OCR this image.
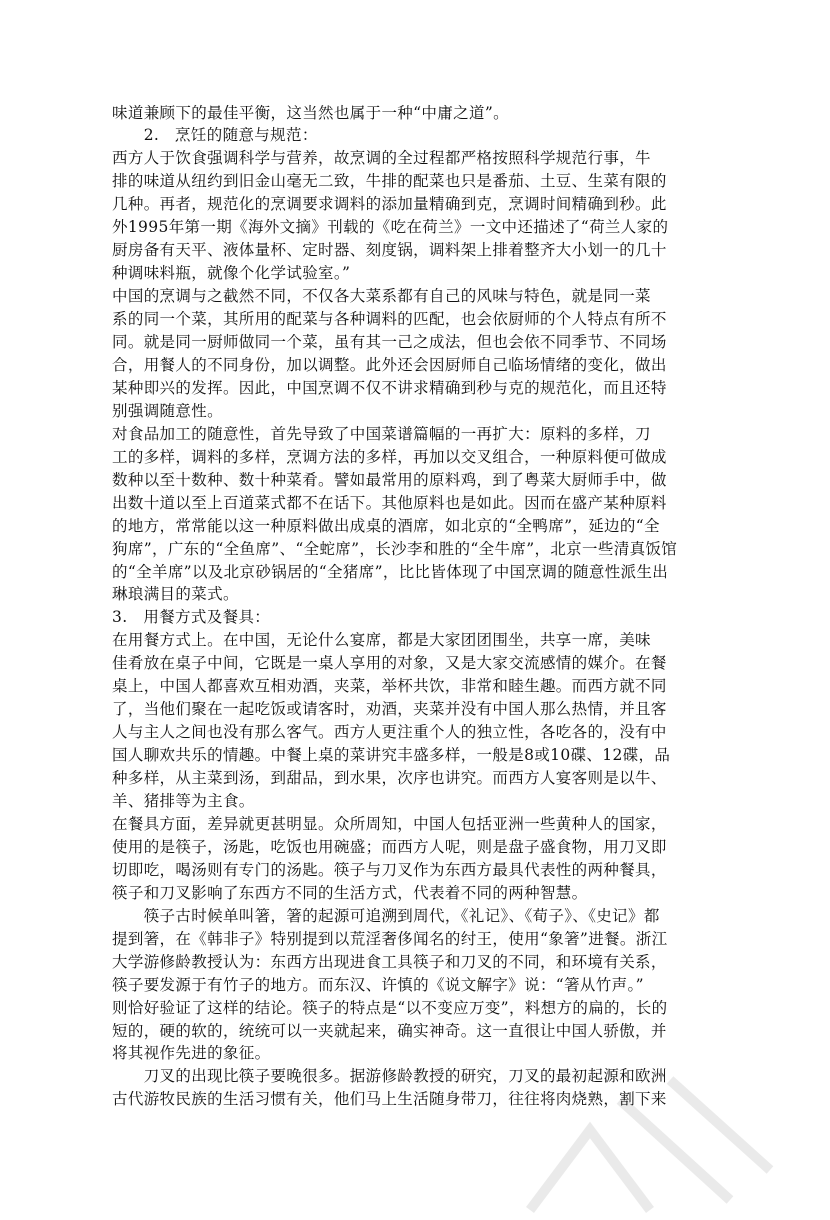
味道兼顾下的最佳平衡，这当然也属于一种“中庸之道”。
　　2.　烹饪的随意与规范：
西方人于饮食强调科学与营养，故烹调的全过程都严格按照科学规范行事，牛
排的味道从纽约到旧金山毫无二致，牛排的配菜也只是番茄、土豆、生菜有限的
几种。再者，规范化的烹调要求调料的添加量精确到克，烹调时间精确到秒。此
外1995年第一期《海外文摘》刊载的《吃在荷兰》一文中还描述了“荷兰人家的
厨房备有天平、液体量杯、定时器、刻度锅，调料架上排着整齐大小划一的几十
种调味料瓶，就像个化学试验室。”
中国的烹调与之截然不同，不仅各大菜系都有自己的风味与特色，就是同一菜
系的同一个菜，其所用的配菜与各种调料的匹配，也会依厨师的个人特点有所不
同。就是同一厨师做同一个菜，虽有其一己之成法，但也会依不同季节、不同场
合，用餐人的不同身份，加以调整。此外还会因厨师自己临场情绪的变化，做出
某种即兴的发挥。因此，中国烹调不仅不讲求精确到秒与克的规范化，而且还特
别强调随意性。
对食品加工的随意性，首先导致了中国菜谱篇幅的一再扩大：原料的多样，刀
工的多样，调料的多样，烹调方法的多样，再加以交叉组合，一种原料便可做成
数种以至十数种、数十种菜肴。譬如最常用的原料鸡，到了粤菜大厨师手中，做
出数十道以至上百道菜式都不在话下。其他原料也是如此。因而在盛产某种原料
的地方，常常能以这一种原料做出成桌的酒席，如北京的“全鸭席”，延边的“全
狗席”，广东的“全鱼席”、“全蛇席”，长沙李和胜的“全牛席”，北京一些清真饭馆
的“全羊席”以及北京砂锅居的“全猪席”，比比皆体现了中国烹调的随意性派生出
琳琅满目的菜式。
3.　用餐方式及餐具：
在用餐方式上。在中国，无论什么宴席，都是大家团团围坐，共享一席，美味
佳肴放在桌子中间，它既是一桌人享用的对象，又是大家交流感情的媒介。在餐
桌上，中国人都喜欢互相劝酒，夹菜，举杯共饮，非常和睦生趣。而西方就不同
了，当他们聚在一起吃饭或请客时，劝酒，夹菜并没有中国人那么热情，并且客
人与主人之间也没有那么客气。西方人更注重个人的独立性，各吃各的，没有中
国人聊欢共乐的情趣。中餐上桌的菜讲究丰盛多样，一般是8或10碟、12碟，品
种多样，从主菜到汤，到甜品，到水果，次序也讲究。而西方人宴客则是以牛、
羊、猪排等为主食。
在餐具方面，差异就更甚明显。众所周知，中国人包括亚洲一些黄种人的国家，
使用的是筷子，汤匙，吃饭也用碗盛；而西方人呢，则是盘子盛食物，用刀叉即
切即吃，喝汤则有专门的汤匙。筷子与刀叉作为东西方最具代表性的两种餐具，
筷子和刀叉影响了东西方不同的生活方式，代表着不同的两种智慧。
　　筷子古时候单叫箸，箸的起源可追溯到周代，《礼记》、《荀子》、《史记》都
提到箸，在《韩非子》特别提到以荒淫奢侈闻名的纣王，使用“象箸”进餐。浙江
大学游修龄教授认为：东西方出现进食工具筷子和刀叉的不同，和环境有关系，
筷子要发源于有竹子的地方。而东汉、许慎的《说文解字》说：“箸从竹声。”
则恰好验证了这样的结论。筷子的特点是“以不变应万变”，料想方的扁的，长的
短的，硬的软的，统统可以一夹就起来，确实神奇。这一直很让中国人骄傲，并
将其视作先进的象征。
　　刀叉的出现比筷子要晚很多。据游修龄教授的研究，刀叉的最初起源和欧洲
古代游牧民族的生活习惯有关，他们马上生活随身带刀，往往将肉烧熟，割下来
